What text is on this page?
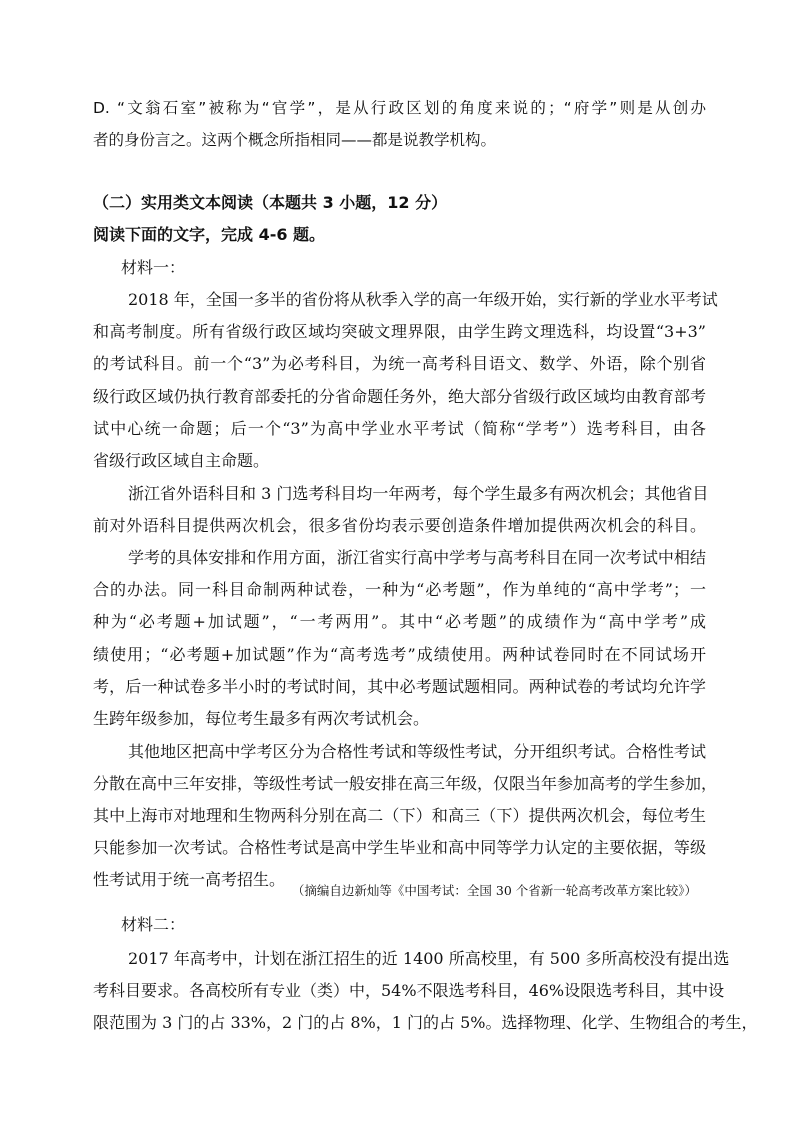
D. “文翁石室”被称为“官学”，是从行政区划的角度来说的；“府学”则是从创办
者的身份言之。这两个概念所指相同——都是说教学机构。
（二）实用类文本阅读（本题共 3 小题，12 分）
阅读下面的文字，完成 4-6 题。
材料一：
2018 年，全国一多半的省份将从秋季入学的高一年级开始，实行新的学业水平考试
和高考制度。所有省级行政区域均突破文理界限，由学生跨文理选科，均设置“3+3”
的考试科目。前一个“3”为必考科目，为统一高考科目语文、数学、外语，除个别省
级行政区域仍执行教育部委托的分省命题任务外，绝大部分省级行政区域均由教育部考
试中心统一命题；后一个“3”为高中学业水平考试（简称“学考”）选考科目，由各
省级行政区域自主命题。
浙江省外语科目和 3 门选考科目均一年两考，每个学生最多有两次机会；其他省目
前对外语科目提供两次机会，很多省份均表示要创造条件增加提供两次机会的科目。
学考的具体安排和作用方面，浙江省实行高中学考与高考科目在同一次考试中相结
合的办法。同一科目命制两种试卷，一种为“必考题”，作为单纯的“高中学考”；一
种为“必考题+加试题”，“一考两用”。其中“必考题”的成绩作为“高中学考”成
绩使用；“必考题+加试题”作为“高考选考”成绩使用。两种试卷同时在不同试场开
考，后一种试卷多半小时的考试时间，其中必考题试题相同。两种试卷的考试均允许学
生跨年级参加，每位考生最多有两次考试机会。
其他地区把高中学考区分为合格性考试和等级性考试，分开组织考试。合格性考试
分散在高中三年安排，等级性考试一般安排在高三年级，仅限当年参加高考的学生参加，
其中上海市对地理和生物两科分别在高二（下）和高三（下）提供两次机会，每位考生
只能参加一次考试。合格性考试是高中学生毕业和高中同等学力认定的主要依据，等级
性考试用于统一高考招生。
（摘编自边新灿等《中国考试：全国 30 个省新一轮高考改革方案比较》）
材料二：
2017 年高考中，计划在浙江招生的近 1400 所高校里，有 500 多所高校没有提出选
考科目要求。各高校所有专业（类）中，54%不限选考科目，46%设限选考科目，其中设
限范围为 3 门的占 33%，2 门的占 8%，1 门的占 5%。选择物理、化学、生物组合的考生，
